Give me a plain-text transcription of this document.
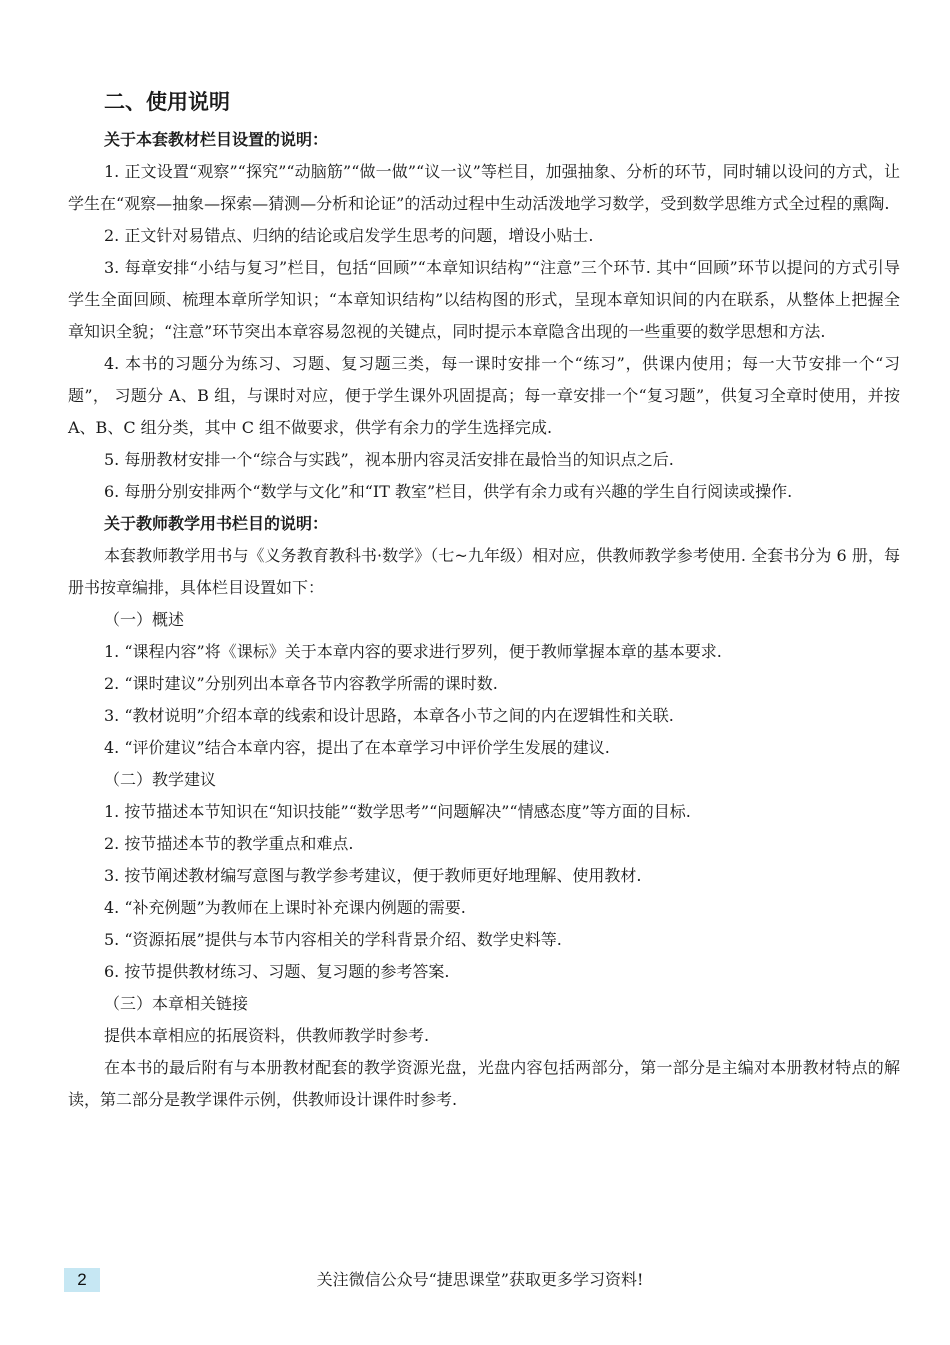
二、使用说明
关于本套教材栏目设置的说明：

1. 正文设置“观察”“探究”“动脑筋”“做一做”“议一议”等栏目，加强抽象、分析的环节，同时辅以设问的方式，让学生在“观察—抽象—探索—猜测—分析和论证”的活动过程中生动活泼地学习数学，受到数学思维方式全过程的熏陶.

2. 正文针对易错点、归纳的结论或启发学生思考的问题，增设小贴士.

3. 每章安排“小结与复习”栏目，包括“回顾”“本章知识结构”“注意”三个环节. 其中“回顾”环节以提问的方式引导学生全面回顾、梳理本章所学知识；“本章知识结构”以结构图的形式，呈现本章知识间的内在联系，从整体上把握全章知识全貌；“注意”环节突出本章容易忽视的关键点，同时提示本章隐含出现的一些重要的数学思想和方法.

4. 本书的习题分为练习、习题、复习题三类，每一课时安排一个“练习”，供课内使用；每一大节安排一个“习题”， 习题分 A、B 组，与课时对应，便于学生课外巩固提高；每一章安排一个“复习题”，供复习全章时使用，并按 A、B、C 组分类，其中 C 组不做要求，供学有余力的学生选择完成.

5. 每册教材安排一个“综合与实践”，视本册内容灵活安排在最恰当的知识点之后.

6. 每册分别安排两个“数学与文化”和“IT 教室”栏目，供学有余力或有兴趣的学生自行阅读或操作.

关于教师教学用书栏目的说明：

本套教师教学用书与《义务教育教科书·数学》（七~九年级）相对应，供教师教学参考使用. 全套书分为 6 册，每册书按章编排，具体栏目设置如下：

（一）概述

1. “课程内容”将《课标》关于本章内容的要求进行罗列，便于教师掌握本章的基本要求.

2. “课时建议”分别列出本章各节内容教学所需的课时数.

3. “教材说明”介绍本章的线索和设计思路，本章各小节之间的内在逻辑性和关联.

4. “评价建议”结合本章内容，提出了在本章学习中评价学生发展的建议.

（二）教学建议

1. 按节描述本节知识在“知识技能”“数学思考”“问题解决”“情感态度”等方面的目标.

2. 按节描述本节的教学重点和难点.

3. 按节阐述教材编写意图与教学参考建议，便于教师更好地理解、使用教材.

4. “补充例题”为教师在上课时补充课内例题的需要.

5. “资源拓展”提供与本节内容相关的学科背景介绍、数学史料等.

6. 按节提供教材练习、习题、复习题的参考答案.

（三）本章相关链接

提供本章相应的拓展资料，供教师教学时参考.

在本书的最后附有与本册教材配套的教学资源光盘，光盘内容包括两部分，第一部分是主编对本册教材特点的解读，第二部分是教学课件示例，供教师设计课件时参考.

2	关注微信公众号“捷思课堂”获取更多学习资料!
